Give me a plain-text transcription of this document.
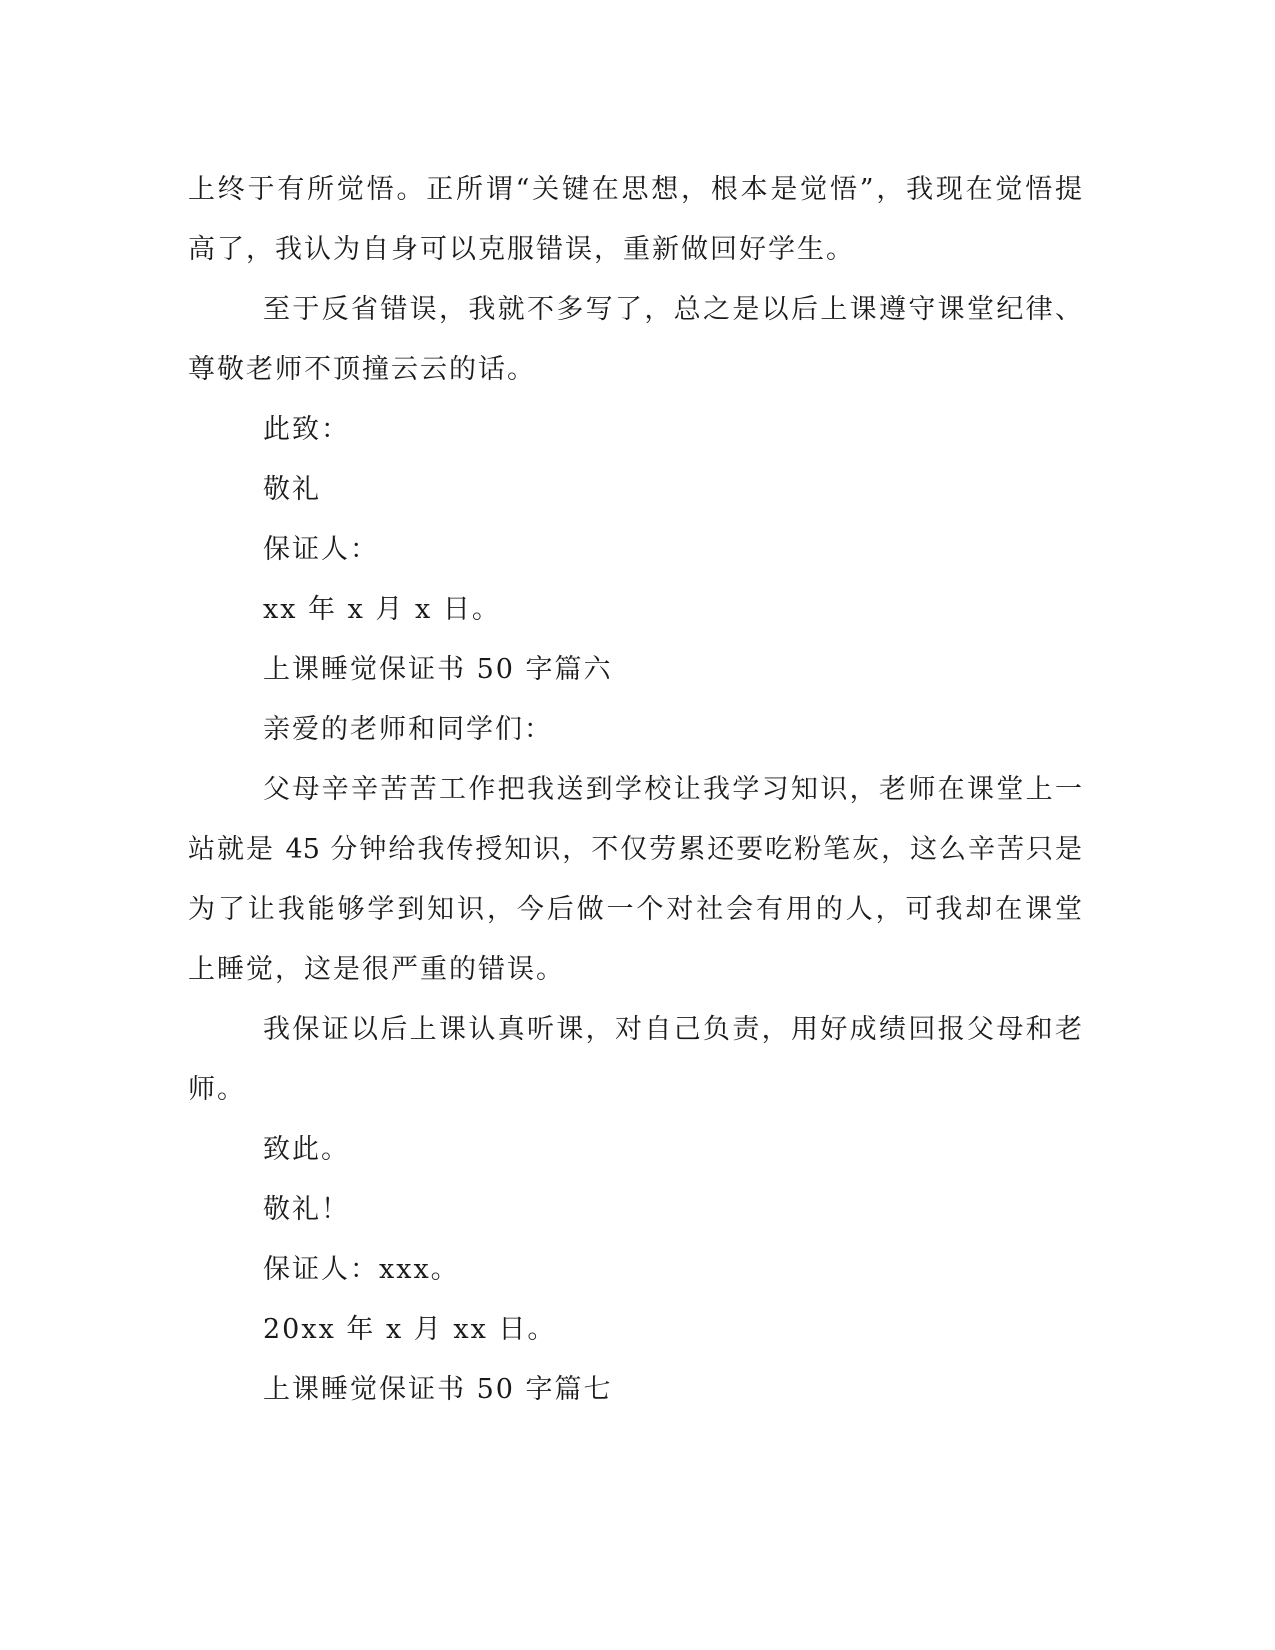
上终于有所觉悟。正所谓“关键在思想，根本是觉悟”，我现在觉悟提
高了，我认为自身可以克服错误，重新做回好学生。
至于反省错误，我就不多写了，总之是以后上课遵守课堂纪律、
尊敬老师不顶撞云云的话。
此致：
敬礼
保证人：
xx 年 x 月 x 日。
上课睡觉保证书 50 字篇六
亲爱的老师和同学们：
父母辛辛苦苦工作把我送到学校让我学习知识，老师在课堂上一
站就是 45 分钟给我传授知识，不仅劳累还要吃粉笔灰，这么辛苦只是
为了让我能够学到知识，今后做一个对社会有用的人，可我却在课堂
上睡觉，这是很严重的错误。
我保证以后上课认真听课，对自己负责，用好成绩回报父母和老
师。
致此。
敬礼！
保证人：xxx。
20xx 年 x 月 xx 日。
上课睡觉保证书 50 字篇七
